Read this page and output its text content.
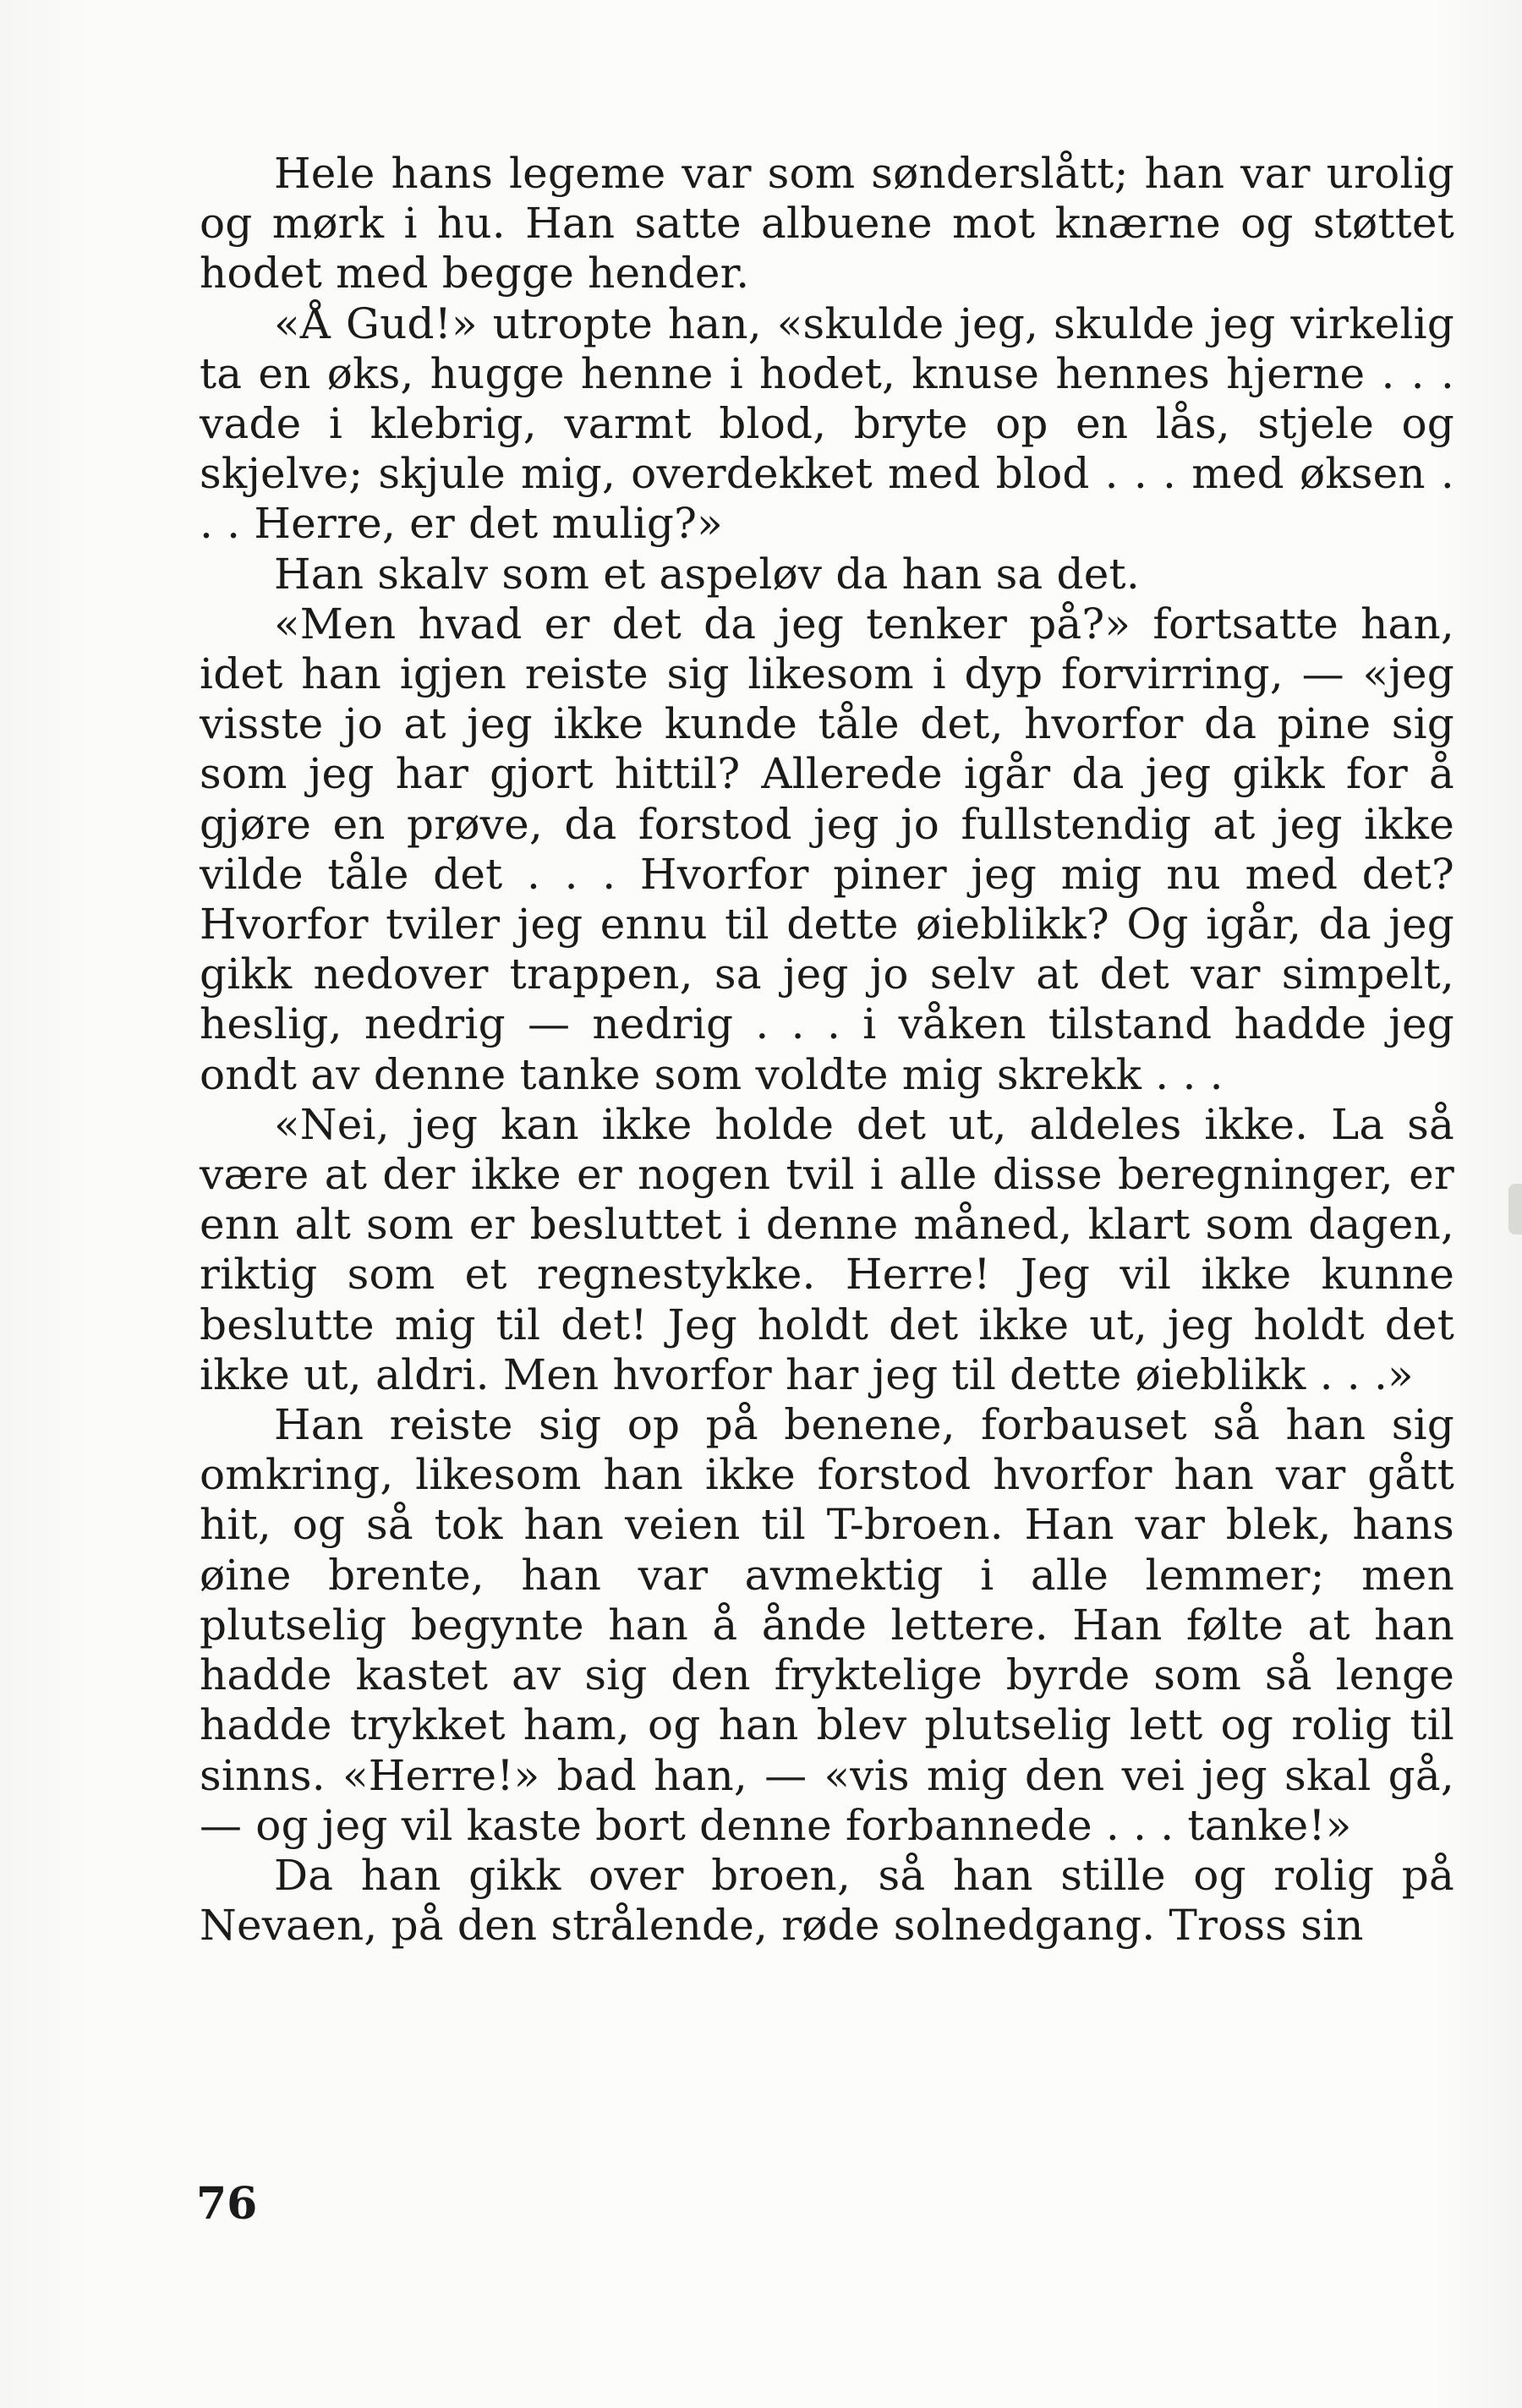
Hele hans legeme var som sønderslått; han var urolig og mørk i hu. Han satte albuene mot knærne og støttet hodet med begge hender.

«Å Gud!» utropte han, «skulde jeg, skulde jeg virkelig ta en øks, hugge henne i hodet, knuse hennes hjerne . . . vade i klebrig, varmt blod, bryte op en lås, stjele og skjelve; skjule mig, overdekket med blod . . . med øksen . . . Herre, er det mulig?»

Han skalv som et aspeløv da han sa det.

«Men hvad er det da jeg tenker på?» fortsatte han, idet han igjen reiste sig likesom i dyp forvirring, — «jeg visste jo at jeg ikke kunde tåle det, hvorfor da pine sig som jeg har gjort hittil? Allerede igår da jeg gikk for å gjøre en prøve, da forstod jeg jo fullstendig at jeg ikke vilde tåle det . . . Hvorfor piner jeg mig nu med det? Hvorfor tviler jeg ennu til dette øieblikk? Og igår, da jeg gikk nedover trappen, sa jeg jo selv at det var simpelt, heslig, nedrig — nedrig . . . i våken tilstand hadde jeg ondt av denne tanke som voldte mig skrekk . . .

«Nei, jeg kan ikke holde det ut, aldeles ikke. La så være at der ikke er nogen tvil i alle disse beregninger, er enn alt som er besluttet i denne måned, klart som dagen, riktig som et regnestykke. Herre! Jeg vil ikke kunne beslutte mig til det! Jeg holdt det ikke ut, jeg holdt det ikke ut, aldri. Men hvorfor har jeg til dette øieblikk . . .»

Han reiste sig op på benene, forbauset så han sig omkring, likesom han ikke forstod hvorfor han var gått hit, og så tok han veien til T-broen. Han var blek, hans øine brente, han var avmektig i alle lemmer; men plutselig begynte han å ånde lettere. Han følte at han hadde kastet av sig den fryktelige byrde som så lenge hadde trykket ham, og han blev plutselig lett og rolig til sinns. «Herre!» bad han, — «vis mig den vei jeg skal gå, — og jeg vil kaste bort denne forbannede . . . tanke!»

Da han gikk over broen, så han stille og rolig på Nevaen, på den strålende, røde solnedgang. Tross sin

76
